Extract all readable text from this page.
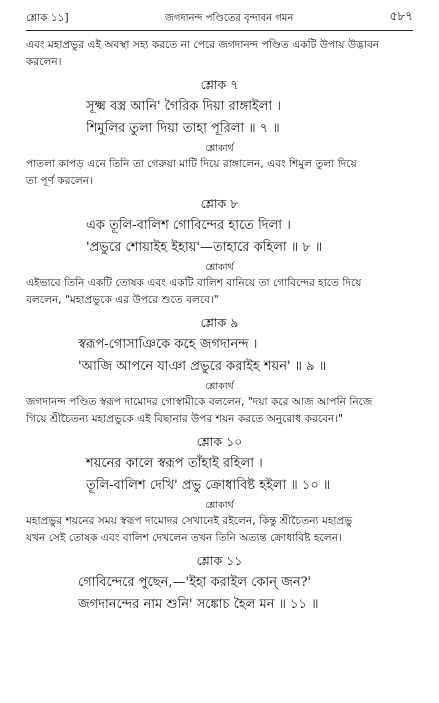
শ্লোক ১১]	জগদানন্দ পণ্ডিতের বৃন্দাবন গমন	৫৮৭

এবং মহাপ্রভুর এই অবস্থা সহ্য করতে না পেরে জগদানন্দ পণ্ডিত একটি উপায় উদ্ভাবন
করলেন।

শ্লোক ৭
সূক্ষ্ম বস্ত্র আনি' গৈরিক দিয়া রাঙ্গাইলা ।
শিমুলির তুলা দিয়া তাহা পূরিলা ॥ ৭ ॥
শ্লোকার্থ

পাতলা কাপড় এনে তিনি তা গেরুয়া মাটি দিয়ে রাঙ্গালেন, এবং শিমুল তুলা দিয়ে
তা পূর্ণ করলেন।

শ্লোক ৮
এক তূলি-বালিশ গোবিন্দের হাতে দিলা ।
'প্রভুরে শোয়াইহ ইহায়'—তাহারে কহিলা ॥ ৮ ॥
শ্লোকার্থ

এইভাবে তিনি একটি তোষক এবং একটি বালিশ বানিয়ে তা গোবিন্দের হাতে দিয়ে
বললেন, "মহাপ্রভুকে এর উপরে শুতে বলবে।"

শ্লোক ৯
স্বরূপ-গোসাঞিকে কহে জগদানন্দ ।
'আজি আপনে যাঞা প্রভুরে করাইহ শয়ন' ॥ ৯ ॥
শ্লোকার্থ

জগদানন্দ পণ্ডিত স্বরূপ দামোদর গোস্বামীকে বললেন, "দয়া করে আজ আপনি নিজে
গিয়ে শ্রীচৈতন্য মহাপ্রভুকে এই বিছানার উপর শয়ন করতে অনুরোধ করবেন।"

শ্লোক ১০
শয়নের কালে স্বরূপ তাঁহাই রহিলা ।
তূলি-বালিশ দেখি' প্রভু ক্রোধাবিষ্ট হইলা ॥ ১০ ॥
শ্লোকার্থ

মহাপ্রভুর শয়নের সময় স্বরূপ দামোদর সেখানেই রইলেন, কিন্তু শ্রীচৈতন্য মহাপ্রভু
যখন সেই তোষক এবং বালিশ দেখলেন তখন তিনি অত্যন্ত ক্রোধাবিষ্ট হলেন।

শ্লোক ১১
গোবিন্দেরে পুছেন,—'ইহা করাইল কোন্ জন?'
জগদানন্দের নাম শুনি' সঙ্কোচ হৈল মন ॥ ১১ ॥
